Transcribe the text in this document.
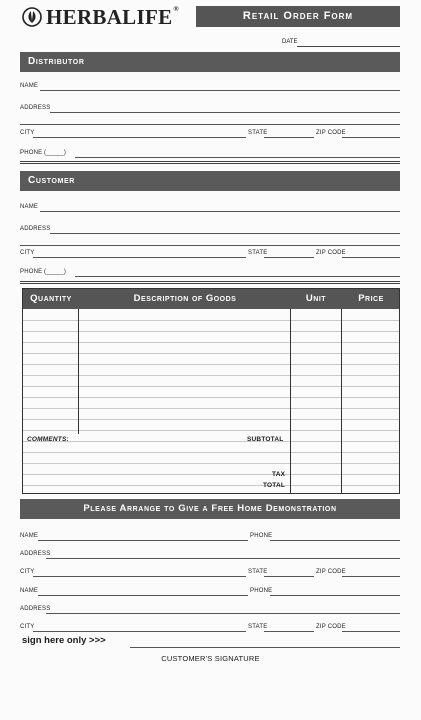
HERBALIFE®
Retail Order Form
DATE
Distributor
NAME
ADDRESS
CITY	STATE	ZIP CODE
PHONE (_____)
Customer
NAME
ADDRESS
CITY	STATE	ZIP CODE
PHONE (_____)
Quantity	Description of Goods	Unit	Price
COMMENTS:	SUBTOTAL
TAX
TOTAL
Please Arrange to Give a Free Home Demonstration
NAME	PHONE
ADDRESS
CITY	STATE	ZIP CODE
NAME	PHONE
ADDRESS
CITY	STATE	ZIP CODE
sign here only >>>
CUSTOMER'S SIGNATURE
